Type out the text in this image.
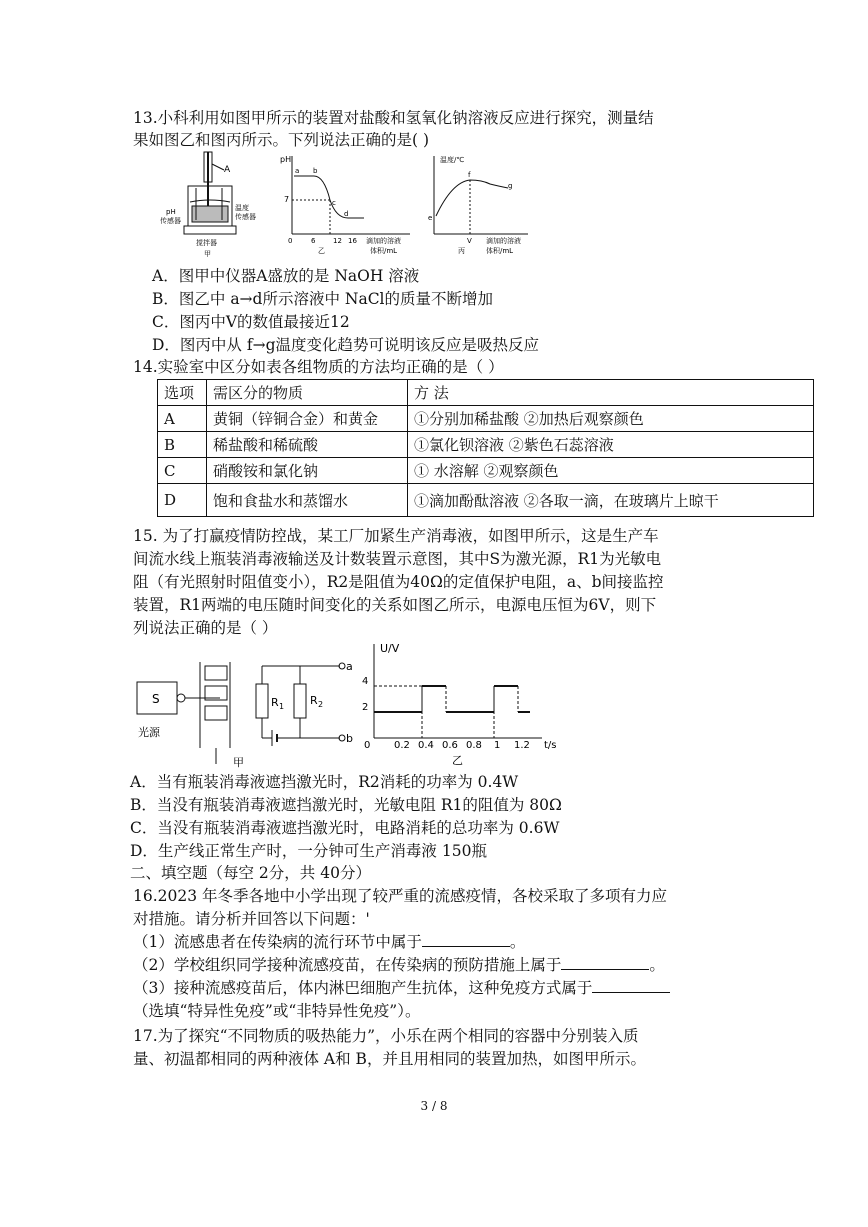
13.小科利用如图甲所示的装置对盐酸和氢氧化钠溶液反应进行探究，测量结
果如图乙和图丙所示。下列说法正确的是( )
A
pH
传感器
温度
传感器
搅拌器
甲
pH
7
a b
c
d
0	6	12 16 滴加的溶液
体积/mL
乙
温度/℃
e
f
g
V 滴加的溶液
体积/mL
丙
A．图甲中仪器A盛放的是 NaOH 溶液
B．图乙中 a→d所示溶液中 NaCl的质量不断增加
C．图丙中V的数值最接近12
D．图丙中从 f→g温度变化趋势可说明该反应是吸热反应
14.实验室中区分如表各组物质的方法均正确的是（ ）
选项	需区分的物质	方 法
A	黄铜（锌铜合金）和黄金	①分别加稀盐酸 ②加热后观察颜色
B	稀盐酸和稀硫酸	①氯化钡溶液 ②紫色石蕊溶液
C	硝酸铵和氯化钠	① 水溶解 ②观察颜色
D	饱和食盐水和蒸馏水	①滴加酚酞溶液 ②各取一滴，在玻璃片上晾干
15. 为了打赢疫情防控战，某工厂加紧生产消毒液，如图甲所示，这是生产车
间流水线上瓶装消毒液输送及计数装置示意图，其中S为激光源，R1为光敏电
阻（有光照射时阻值变小），R2是阻值为40Ω的定值保护电阻，a、b间接监控
装置，R1两端的电压随时间变化的关系如图乙所示，电源电压恒为6V，则下
列说法正确的是（ ）
S
光源
甲
R 1 R 2
a
b
U/V
t/s
0
4
2
0.2 0.4 0.6 0.8 1 1.2
乙
A．当有瓶装消毒液遮挡激光时，R2消耗的功率为 0.4W
B．当没有瓶装消毒液遮挡激光时，光敏电阻 R1的阻值为 80Ω
C．当没有瓶装消毒液遮挡激光时，电路消耗的总功率为 0.6W
D．生产线正常生产时，一分钟可生产消毒液 150瓶
二、填空题（每空 2分，共 40分）
16.2023 年冬季各地中小学出现了较严重的流感疫情，各校采取了多项有力应
对措施。请分析并回答以下问题：'
（1）流感患者在传染病的流行环节中属于	。
（2）学校组织同学接种流感疫苗，在传染病的预防措施上属于	。
（3）接种流感疫苗后，体内淋巴细胞产生抗体，这种免疫方式属于
（选填“特异性免疫”或“非特异性免疫”）。
17.为了探究“不同物质的吸热能力”，小乐在两个相同的容器中分别装入质
量、初温都相同的两种液体 A和 B，并且用相同的装置加热，如图甲所示。
3 / 8
